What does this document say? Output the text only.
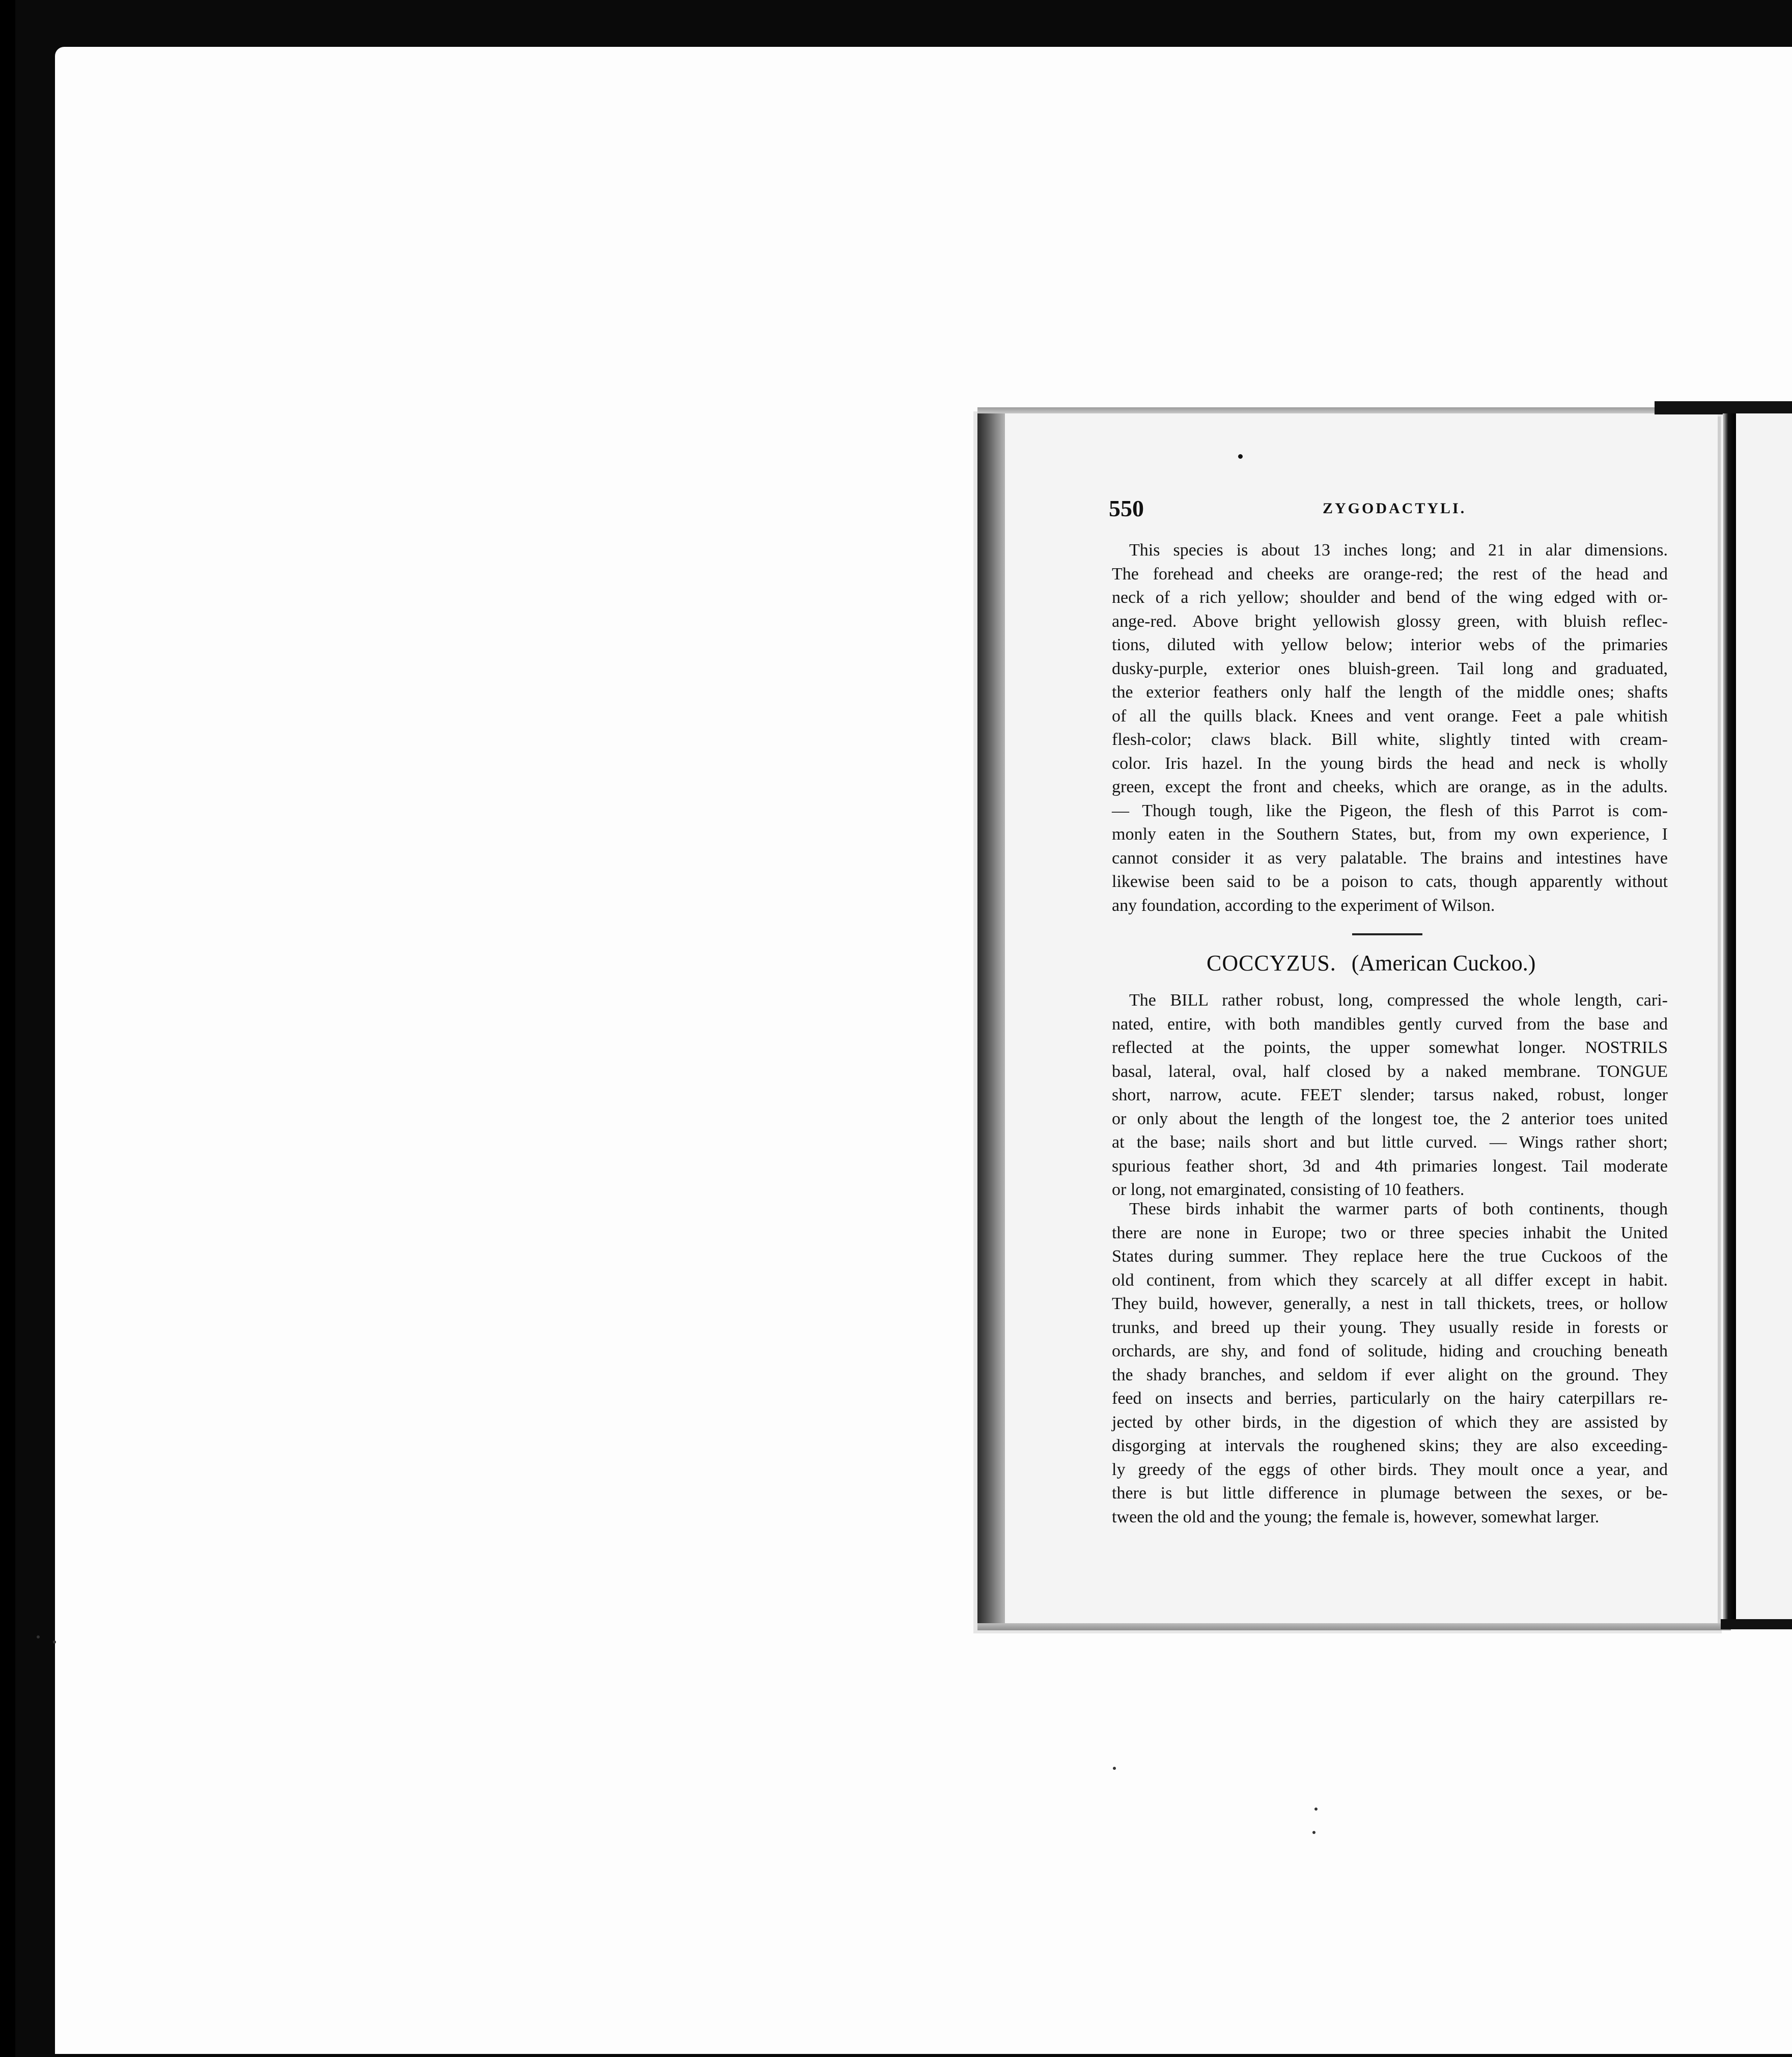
550	ZYGODACTYLI.

This species is about 13 inches long; and 21 in alar dimensions.
The forehead and cheeks are orange-red; the rest of the head and
neck of a rich yellow; shoulder and bend of the wing edged with or-
ange-red. Above bright yellowish glossy green, with bluish reflec-
tions, diluted with yellow below; interior webs of the primaries
dusky-purple, exterior ones bluish-green. Tail long and graduated,
the exterior feathers only half the length of the middle ones; shafts
of all the quills black. Knees and vent orange. Feet a pale whitish
flesh-color; claws black. Bill white, slightly tinted with cream-
color. Iris hazel. In the young birds the head and neck is wholly
green, except the front and cheeks, which are orange, as in the adults.
— Though tough, like the Pigeon, the flesh of this Parrot is com-
monly eaten in the Southern States, but, from my own experience, I
cannot consider it as very palatable. The brains and intestines have
likewise been said to be a poison to cats, though apparently without
any foundation, according to the experiment of Wilson.

COCCYZUS. (American Cuckoo.)

The BILL rather robust, long, compressed the whole length, cari-
nated, entire, with both mandibles gently curved from the base and
reflected at the points, the upper somewhat longer. NOSTRILS
basal, lateral, oval, half closed by a naked membrane. TONGUE
short, narrow, acute. FEET slender; tarsus naked, robust, longer
or only about the length of the longest toe, the 2 anterior toes united
at the base; nails short and but little curved. — Wings rather short;
spurious feather short, 3d and 4th primaries longest. Tail moderate
or long, not emarginated, consisting of 10 feathers.

These birds inhabit the warmer parts of both continents, though
there are none in Europe; two or three species inhabit the United
States during summer. They replace here the true Cuckoos of the
old continent, from which they scarcely at all differ except in habit.
They build, however, generally, a nest in tall thickets, trees, or hollow
trunks, and breed up their young. They usually reside in forests or
orchards, are shy, and fond of solitude, hiding and crouching beneath
the shady branches, and seldom if ever alight on the ground. They
feed on insects and berries, particularly on the hairy caterpillars re-
jected by other birds, in the digestion of which they are assisted by
disgorging at intervals the roughened skins; they are also exceeding-
ly greedy of the eggs of other birds. They moult once a year, and
there is but little difference in plumage between the sexes, or be-
tween the old and the young; the female is, however, somewhat larger.
